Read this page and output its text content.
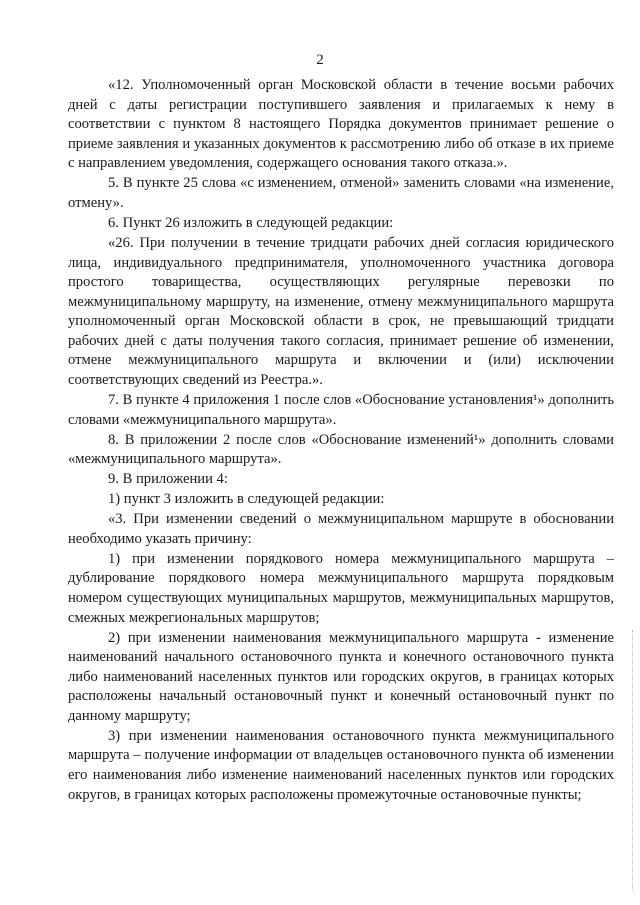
2

«12. Уполномоченный орган Московской области в течение восьми рабочих дней с даты регистрации поступившего заявления и прилагаемых к нему в соответствии с пунктом 8 настоящего Порядка документов принимает решение о приеме заявления и указанных документов к рассмотрению либо об отказе в их приеме с направлением уведомления, содержащего основания такого отказа.».

5. В пункте 25 слова «с изменением, отменой» заменить словами «на изменение, отмену».

6. Пункт 26 изложить в следующей редакции:

«26. При получении в течение тридцати рабочих дней согласия юридического лица, индивидуального предпринимателя, уполномоченного участника договора простого товарищества, осуществляющих регулярные перевозки по межмуниципальному маршруту, на изменение, отмену межмуниципального маршрута уполномоченный орган Московской области в срок, не превышающий тридцати рабочих дней с даты получения такого согласия, принимает решение об изменении, отмене межмуниципального маршрута и включении и (или) исключении соответствующих сведений из Реестра.».

7. В пункте 4 приложения 1 после слов «Обоснование установления¹» дополнить словами «межмуниципального маршрута».

8. В приложении 2 после слов «Обоснование изменений¹» дополнить словами «межмуниципального маршрута».

9. В приложении 4:

1) пункт 3 изложить в следующей редакции:

«3. При изменении сведений о межмуниципальном маршруте в обосновании необходимо указать причину:

1) при изменении порядкового номера межмуниципального маршрута – дублирование порядкового номера межмуниципального маршрута порядковым номером существующих муниципальных маршрутов, межмуниципальных маршрутов, смежных межрегиональных маршрутов;

2) при изменении наименования межмуниципального маршрута - изменение наименований начального остановочного пункта и конечного остановочного пункта либо наименований населенных пунктов или городских округов, в границах которых расположены начальный остановочный пункт и конечный остановочный пункт по данному маршруту;

3) при изменении наименования остановочного пункта межмуниципального маршрута – получение информации от владельцев остановочного пункта об изменении его наименования либо изменение наименований населенных пунктов или городских округов, в границах которых расположены промежуточные остановочные пункты;
